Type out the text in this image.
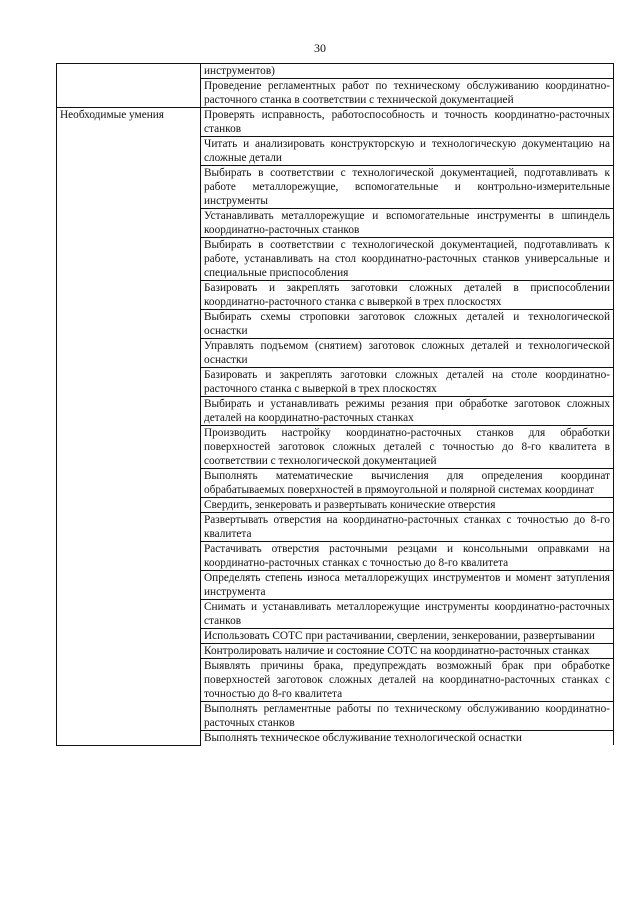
30
	инструментов)
	Проведение регламентных работ по техническому обслуживанию координатно-расточного станка в соответствии с технической документацией
Необходимые умения	Проверять исправность, работоспособность и точность координатно-расточных станков
	Читать и анализировать конструкторскую и технологическую документацию на сложные детали
	Выбирать в соответствии с технологической документацией, подготавливать к работе металлорежущие, вспомогательные и контрольно-измерительные инструменты
	Устанавливать металлорежущие и вспомогательные инструменты в шпиндель координатно-расточных станков
	Выбирать в соответствии с технологической документацией, подготавливать к работе, устанавливать на стол координатно-расточных станков универсальные и специальные приспособления
	Базировать и закреплять заготовки сложных деталей в приспособлении координатно-расточного станка с выверкой в трех плоскостях
	Выбирать схемы строповки заготовок сложных деталей и технологической оснастки
	Управлять подъемом (снятием) заготовок сложных деталей и технологической оснастки
	Базировать и закреплять заготовки сложных деталей на столе координатно-расточного станка с выверкой в трех плоскостях
	Выбирать и устанавливать режимы резания при обработке заготовок сложных деталей на координатно-расточных станках
	Производить настройку координатно-расточных станков для обработки поверхностей заготовок сложных деталей с точностью до 8-го квалитета в соответствии с технологической документацией
	Выполнять математические вычисления для определения координат обрабатываемых поверхностей в прямоугольной и полярной системах координат
	Свердить, зенкеровать и развертывать конические отверстия
	Развертывать отверстия на координатно-расточных станках с точностью до 8-го квалитета
	Растачивать отверстия расточными резцами и консольными оправками на координатно-расточных станках с точностью до 8-го квалитета
	Определять степень износа металлорежущих инструментов и момент затупления инструмента
	Снимать и устанавливать металлорежущие инструменты координатно-расточных станков
	Использовать СОТС при растачивании, сверлении, зенкеровании, развертывании
	Контролировать наличие и состояние СОТС на координатно-расточных станках
	Выявлять причины брака, предупреждать возможный брак при обработке поверхностей заготовок сложных деталей на координатно-расточных станках с точностью до 8-го квалитета
	Выполнять регламентные работы по техническому обслуживанию координатно-расточных станков
	Выполнять техническое обслуживание технологической оснастки
